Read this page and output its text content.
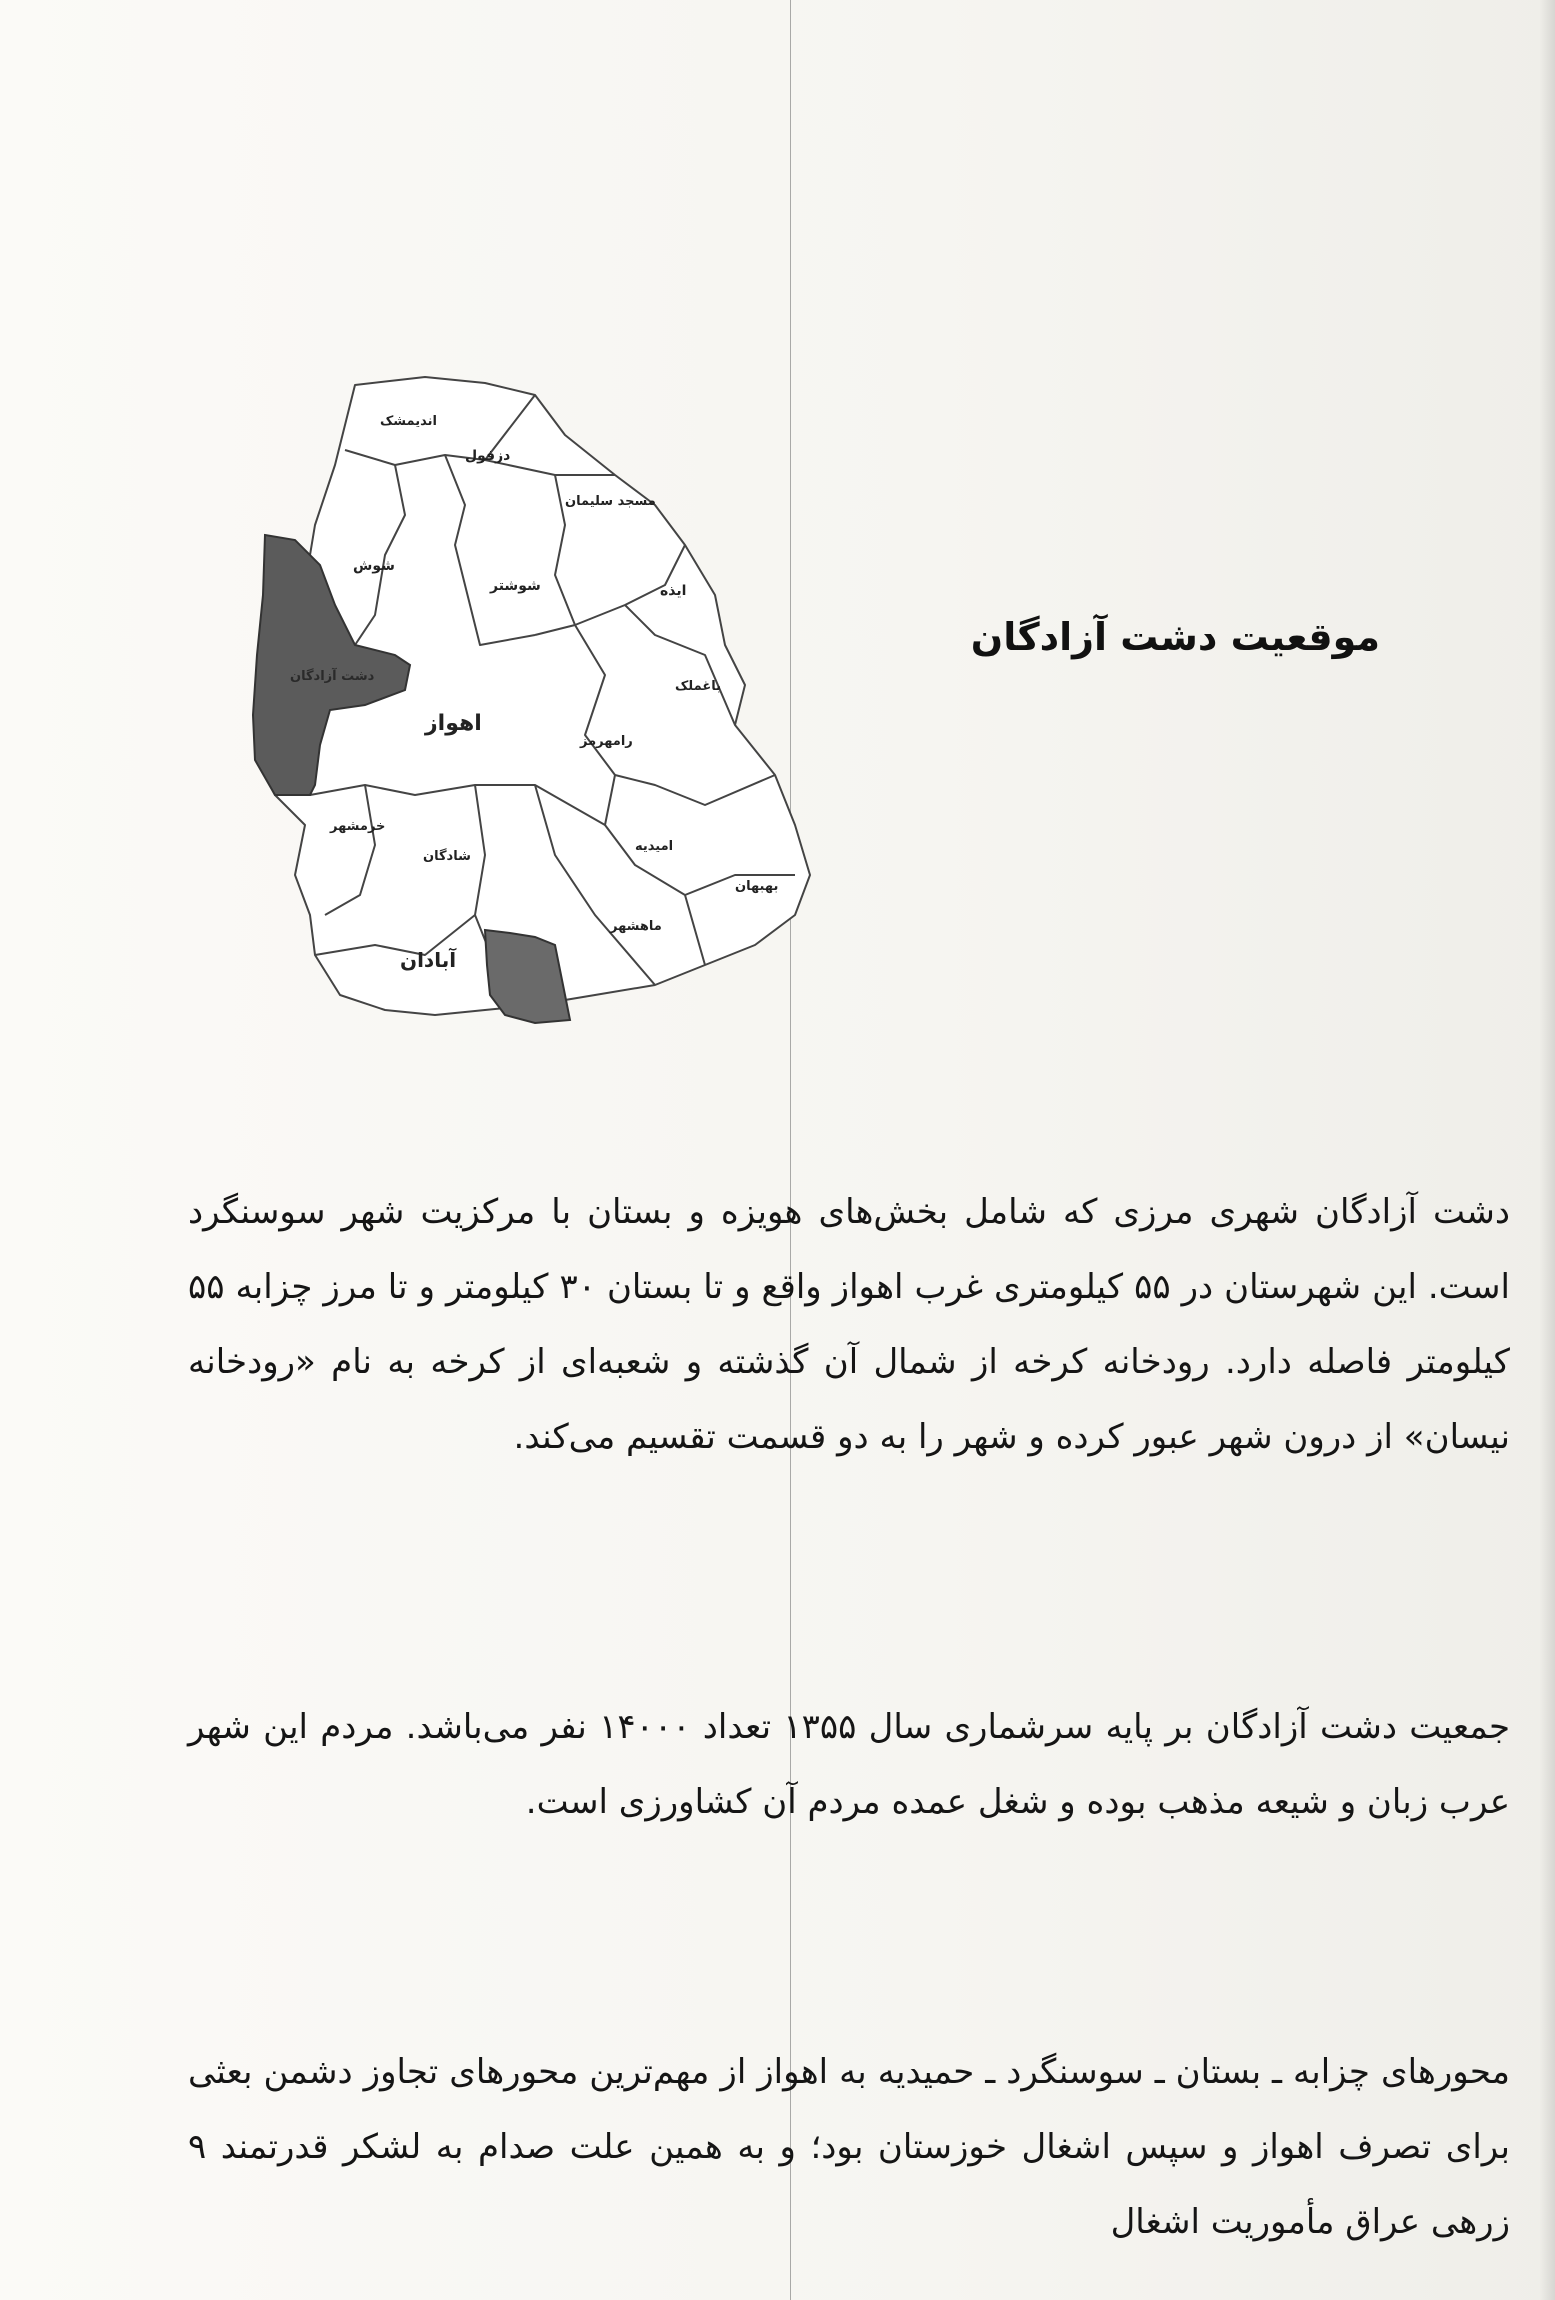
اندیمشک
دزفول
مسجد سلیمان
شوش
شوشتر	ایذه
دشت آزادگان
باغملک
اهواز
رامهرمز
خرمشهر
شادگان
امیدیه
بهبهان
ماهشهر
آبادان
موقعیت دشت آزادگان

دشت آزادگان شهری مرزی که شامل بخش‌های هویزه و بستان با مرکزیت شهر سوسنگرد است. این شهرستان در ۵۵ کیلومتری غرب اهواز واقع و تا بستان ۳۰ کیلومتر و تا مرز چزابه ۵۵ کیلومتر فاصله دارد. رودخانه کرخه از شمال آن گذشته و شعبه‌ای از کرخه به نام «رودخانه نیسان» از درون شهر عبور کرده و شهر را به دو قسمت تقسیم می‌کند.

جمعیت دشت آزادگان بر پایه سرشماری سال ۱۳۵۵ تعداد ۱۴۰۰۰ نفر می‌باشد. مردم این شهر عرب زبان و شیعه مذهب بوده و شغل عمده مردم آن کشاورزی است.

محورهای چزابه ـ بستان ـ سوسنگرد ـ حمیدیه به اهواز از مهم‌ترین محورهای تجاوز دشمن بعثی برای تصرف اهواز و سپس اشغال خوزستان بود؛ و به همین علت صدام به لشکر قدرتمند ۹ زرهی عراق مأموریت اشغال
